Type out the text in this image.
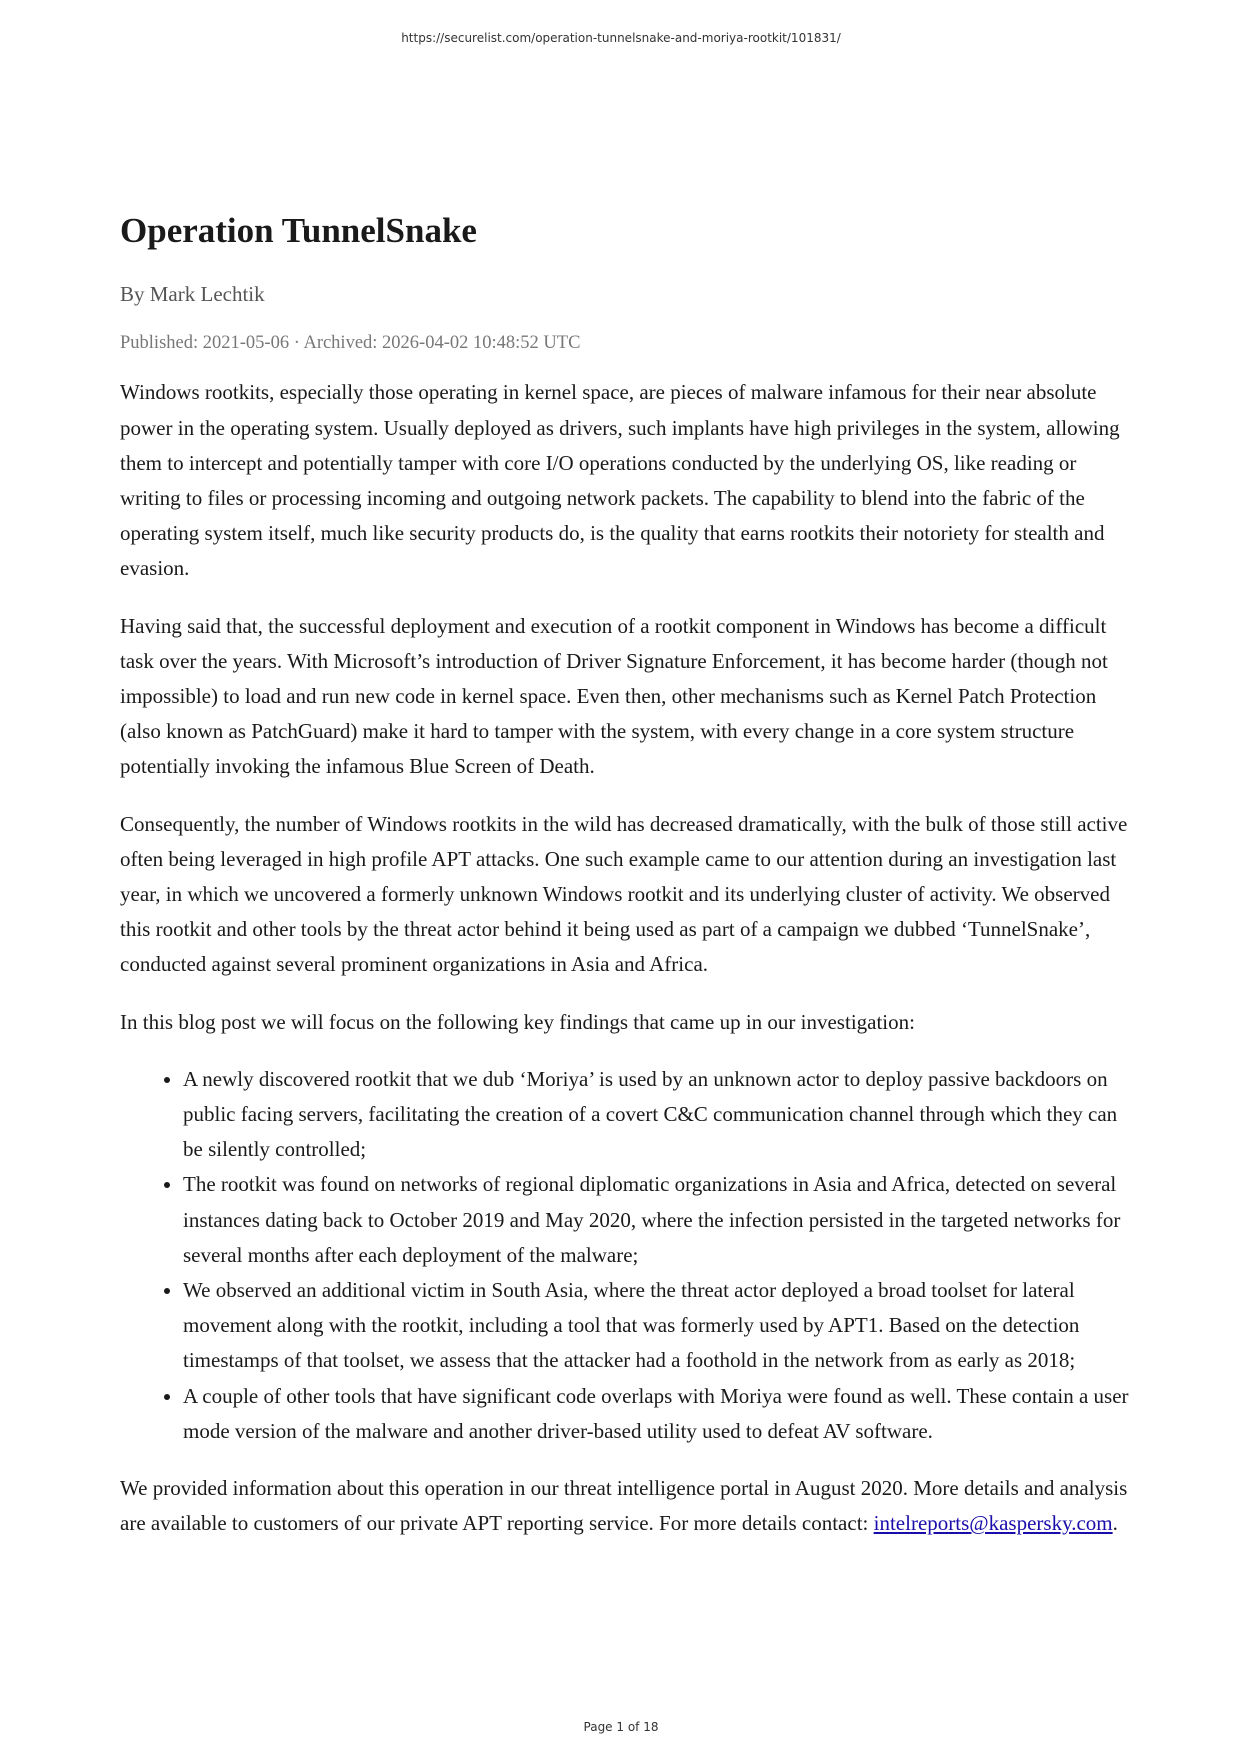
https://securelist.com/operation-tunnelsnake-and-moriya-rootkit/101831/
Operation TunnelSnake
By Mark Lechtik
Published: 2021-05-06 · Archived: 2026-04-02 10:48:52 UTC

Windows rootkits, especially those operating in kernel space, are pieces of malware infamous for their near absolute power in the operating system. Usually deployed as drivers, such implants have high privileges in the system, allowing them to intercept and potentially tamper with core I/O operations conducted by the underlying OS, like reading or writing to files or processing incoming and outgoing network packets. The capability to blend into the fabric of the operating system itself, much like security products do, is the quality that earns rootkits their notoriety for stealth and evasion.

Having said that, the successful deployment and execution of a rootkit component in Windows has become a difficult task over the years. With Microsoft’s introduction of Driver Signature Enforcement, it has become harder (though not impossible) to load and run new code in kernel space. Even then, other mechanisms such as Kernel Patch Protection (also known as PatchGuard) make it hard to tamper with the system, with every change in a core system structure potentially invoking the infamous Blue Screen of Death.

Consequently, the number of Windows rootkits in the wild has decreased dramatically, with the bulk of those still active often being leveraged in high profile APT attacks. One such example came to our attention during an investigation last year, in which we uncovered a formerly unknown Windows rootkit and its underlying cluster of activity. We observed this rootkit and other tools by the threat actor behind it being used as part of a campaign we dubbed ‘TunnelSnake’, conducted against several prominent organizations in Asia and Africa.

In this blog post we will focus on the following key findings that came up in our investigation:

• A newly discovered rootkit that we dub ‘Moriya’ is used by an unknown actor to deploy passive backdoors on public facing servers, facilitating the creation of a covert C&C communication channel through which they can be silently controlled;
• The rootkit was found on networks of regional diplomatic organizations in Asia and Africa, detected on several instances dating back to October 2019 and May 2020, where the infection persisted in the targeted networks for several months after each deployment of the malware;
• We observed an additional victim in South Asia, where the threat actor deployed a broad toolset for lateral movement along with the rootkit, including a tool that was formerly used by APT1. Based on the detection timestamps of that toolset, we assess that the attacker had a foothold in the network from as early as 2018;
• A couple of other tools that have significant code overlaps with Moriya were found as well. These contain a user mode version of the malware and another driver-based utility used to defeat AV software.

We provided information about this operation in our threat intelligence portal in August 2020. More details and analysis are available to customers of our private APT reporting service. For more details contact: intelreports@kaspersky.com.

Page 1 of 18
